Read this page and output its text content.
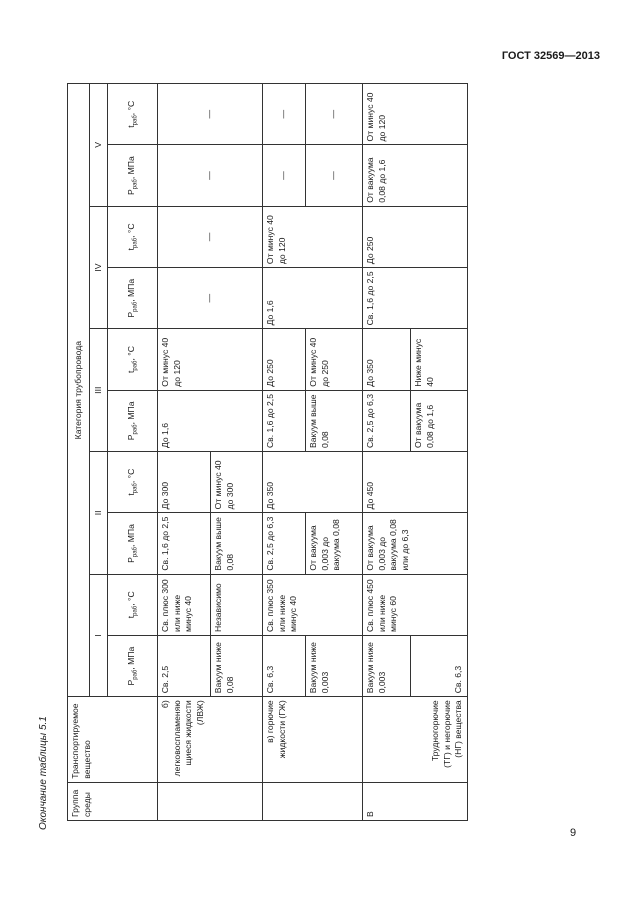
ГОСТ 32569—2013
Окончание таблицы 5.1 Группа среды	Транспортируемое вещество	Категория трубопровода									
		I		II		III		IV		V	
		$P_{раб}$, МПа	$t_{раб}$, °С	$P_{раб}$, МПа	$t_{раб}$, °С	$P_{раб}$, МПа	$t_{раб}$, °С	$P_{раб}$, МПа	$t_{раб}$, °С	$P_{раб}$, МПа	$t_{раб}$, °С
	б) легковоспламеняющиеся жидкости (ЛВЖ)	Св. 2,5	Св. плюс 300 или ниже минус 40	Св. 1,6 до 2,5	До 300	До 1,6	От минус 40 до 120	—	—	—	—
		Вакуум ниже 0,08	Независимо	Вакуум выше 0,08	От минус 40 до 300						
	в) горючие жидкости (ГЖ)	Св. 6,3	Св. плюс 350 или ниже минус 40	Св. 2,5 до 6,3	До 350	Св. 1,6 до 2,5	До 250	До 1,6	От минус 40 до 120	—	—
		Вакуум ниже 0,003		От вакуума 0,003 до вакуума 0,08		Вакуум выше 0,08	От минус 40 до 250			—	—
В	Трудногорючие (ТГ) и негорючие (НГ) вещества	Вакуум ниже 0,003	Св. плюс 450 или ниже минус 60	От вакуума 0,003 до вакуума 0,08 или до 6,3	До 450	Св. 2,5 до 6,3	До 350	Св. 1,6 до 2,5	До 250	От вакуума 0,08 до 1,6	От минус 40 до 120
		Св. 6,3				От вакуума 0,08 до 1,6	Ниже минус 40				
9
